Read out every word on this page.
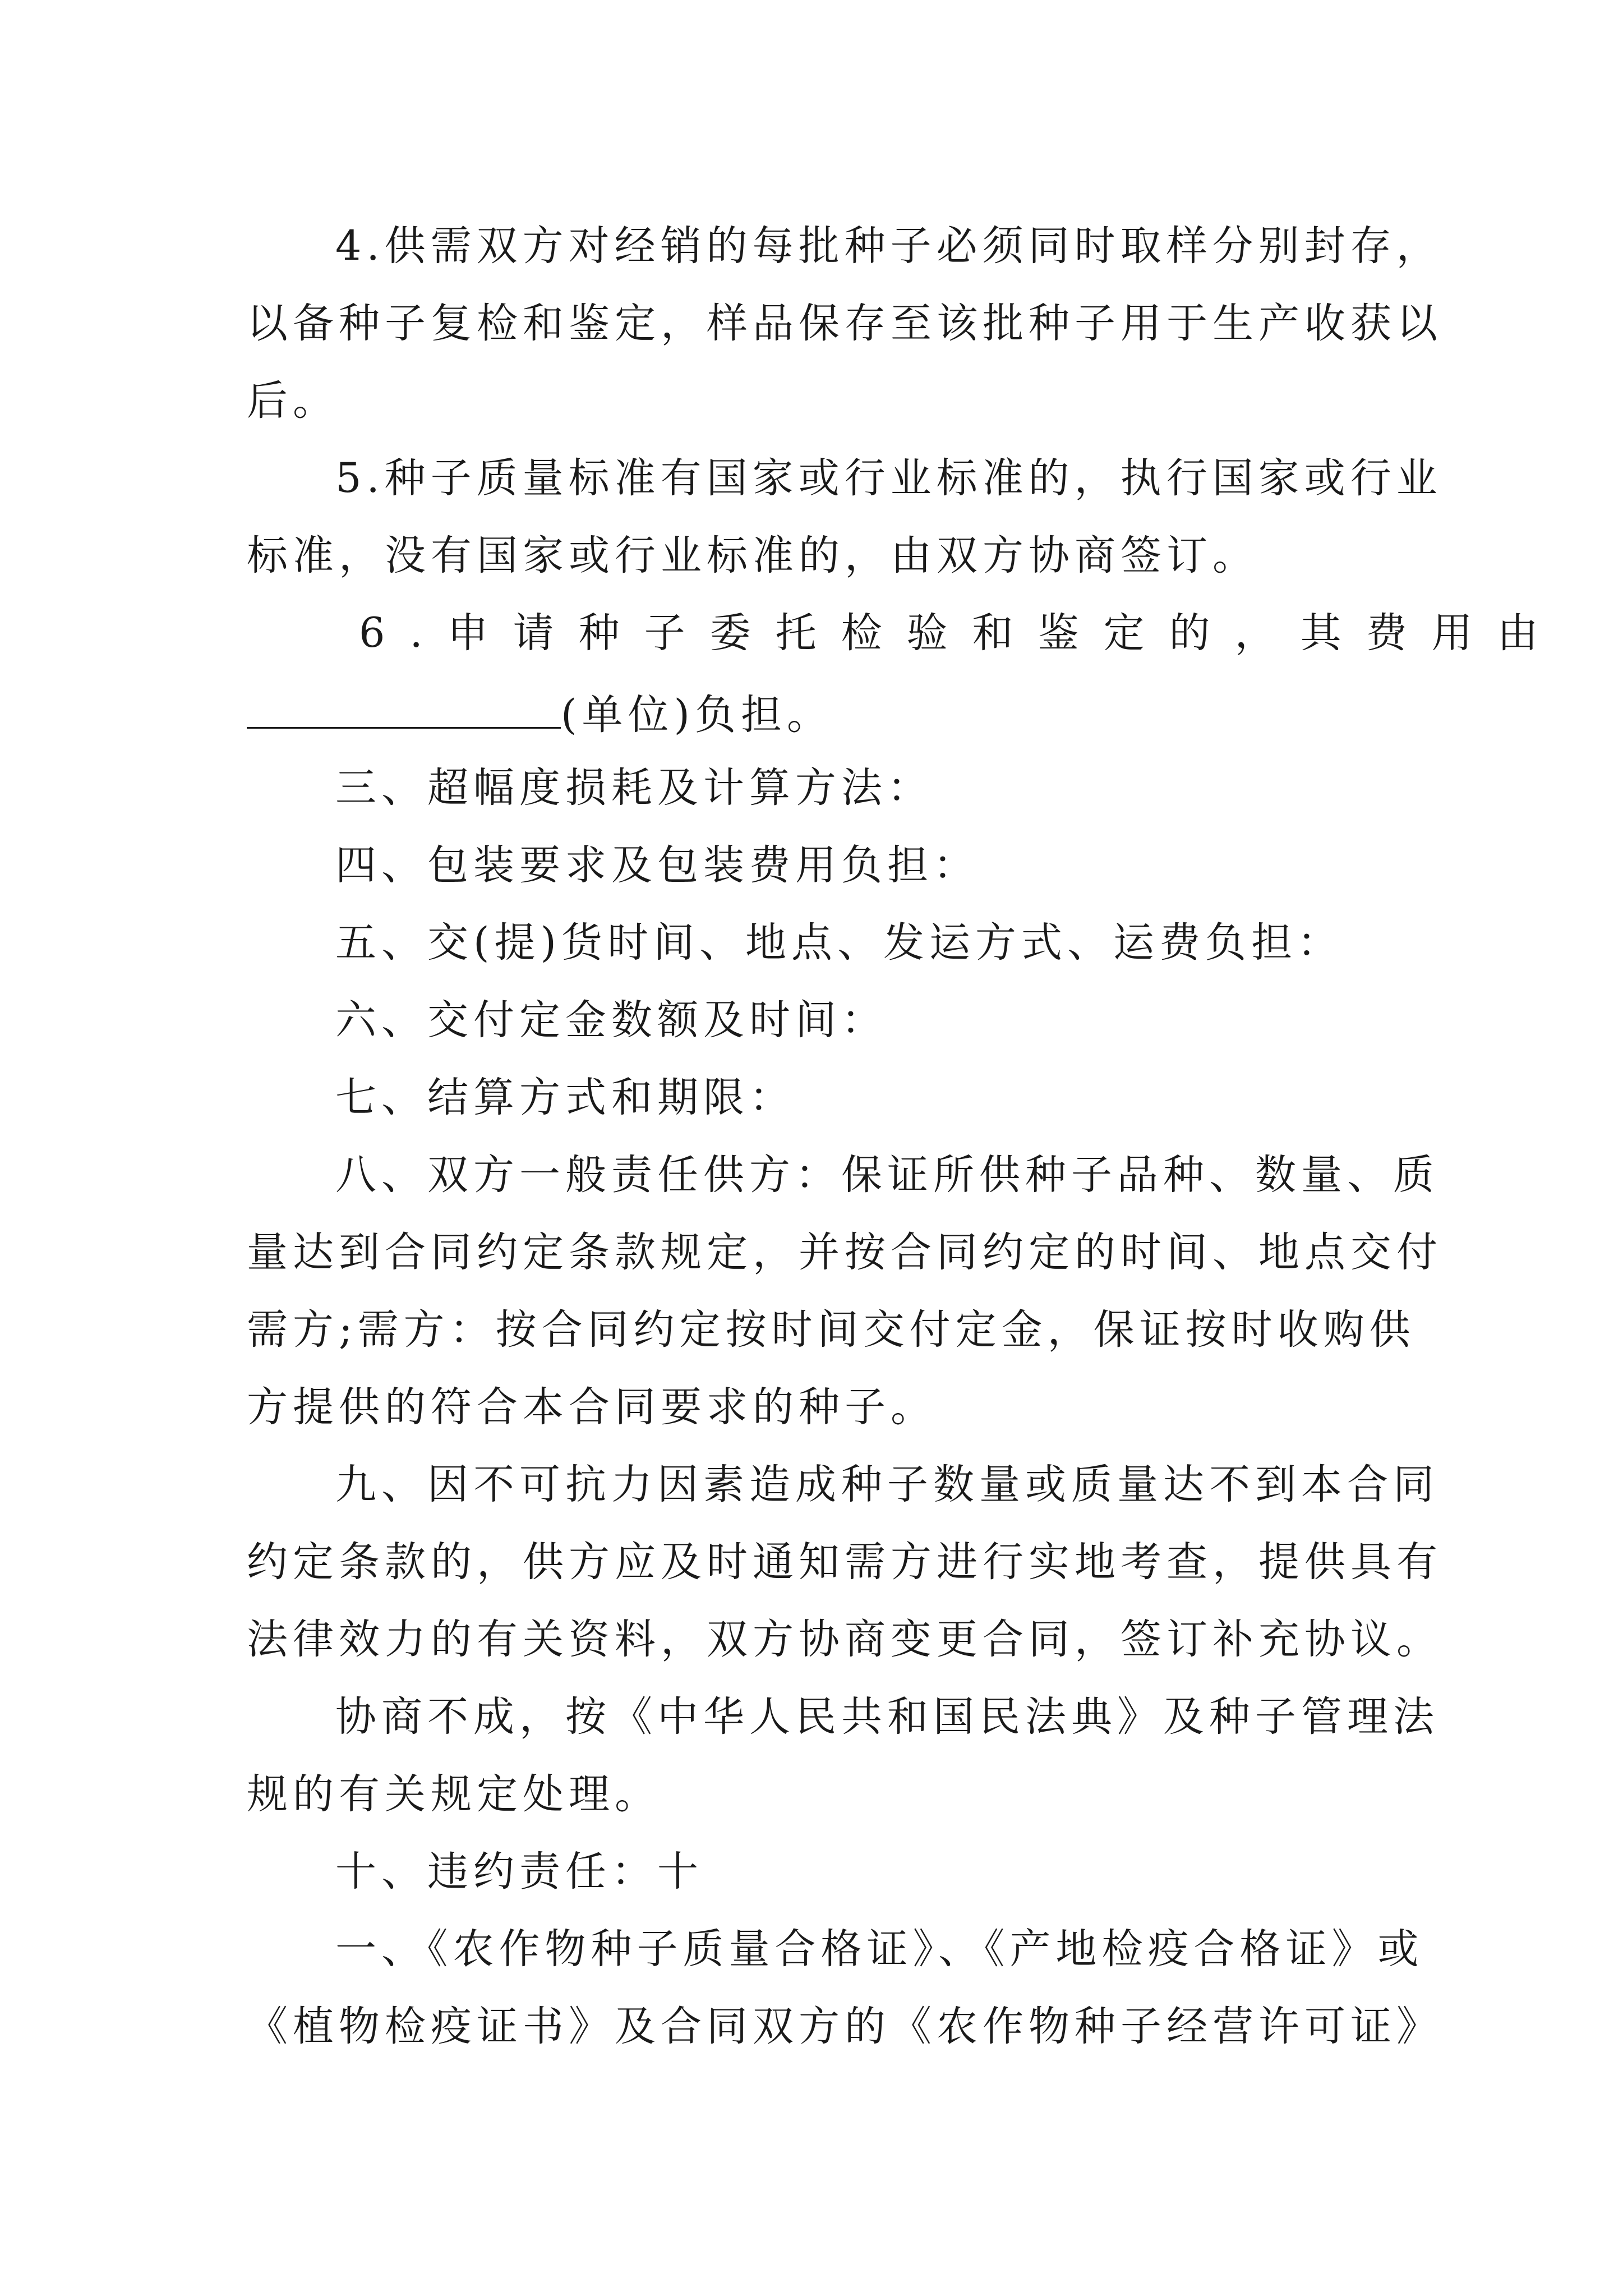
4.供需双方对经销的每批种子必须同时取样分别封存，
以备种子复检和鉴定，样品保存至该批种子用于生产收获以
后。
5.种子质量标准有国家或行业标准的，执行国家或行业
标准，没有国家或行业标准的，由双方协商签订。
6.申请种子委托检验和鉴定的，其费用由
(单位)负担。
三、超幅度损耗及计算方法：
四、包装要求及包装费用负担：
五、交(提)货时间、地点、发运方式、运费负担：
六、交付定金数额及时间：
七、结算方式和期限：
八、双方一般责任供方：保证所供种子品种、数量、质
量达到合同约定条款规定，并按合同约定的时间、地点交付
需方;需方：按合同约定按时间交付定金，保证按时收购供
方提供的符合本合同要求的种子。
九、因不可抗力因素造成种子数量或质量达不到本合同
约定条款的，供方应及时通知需方进行实地考查，提供具有
法律效力的有关资料，双方协商变更合同，签订补充协议。
协商不成，按《中华人民共和国民法典》及种子管理法
规的有关规定处理。
十、违约责任：十
一、《农作物种子质量合格证》、《产地检疫合格证》或
《植物检疫证书》及合同双方的《农作物种子经营许可证》
